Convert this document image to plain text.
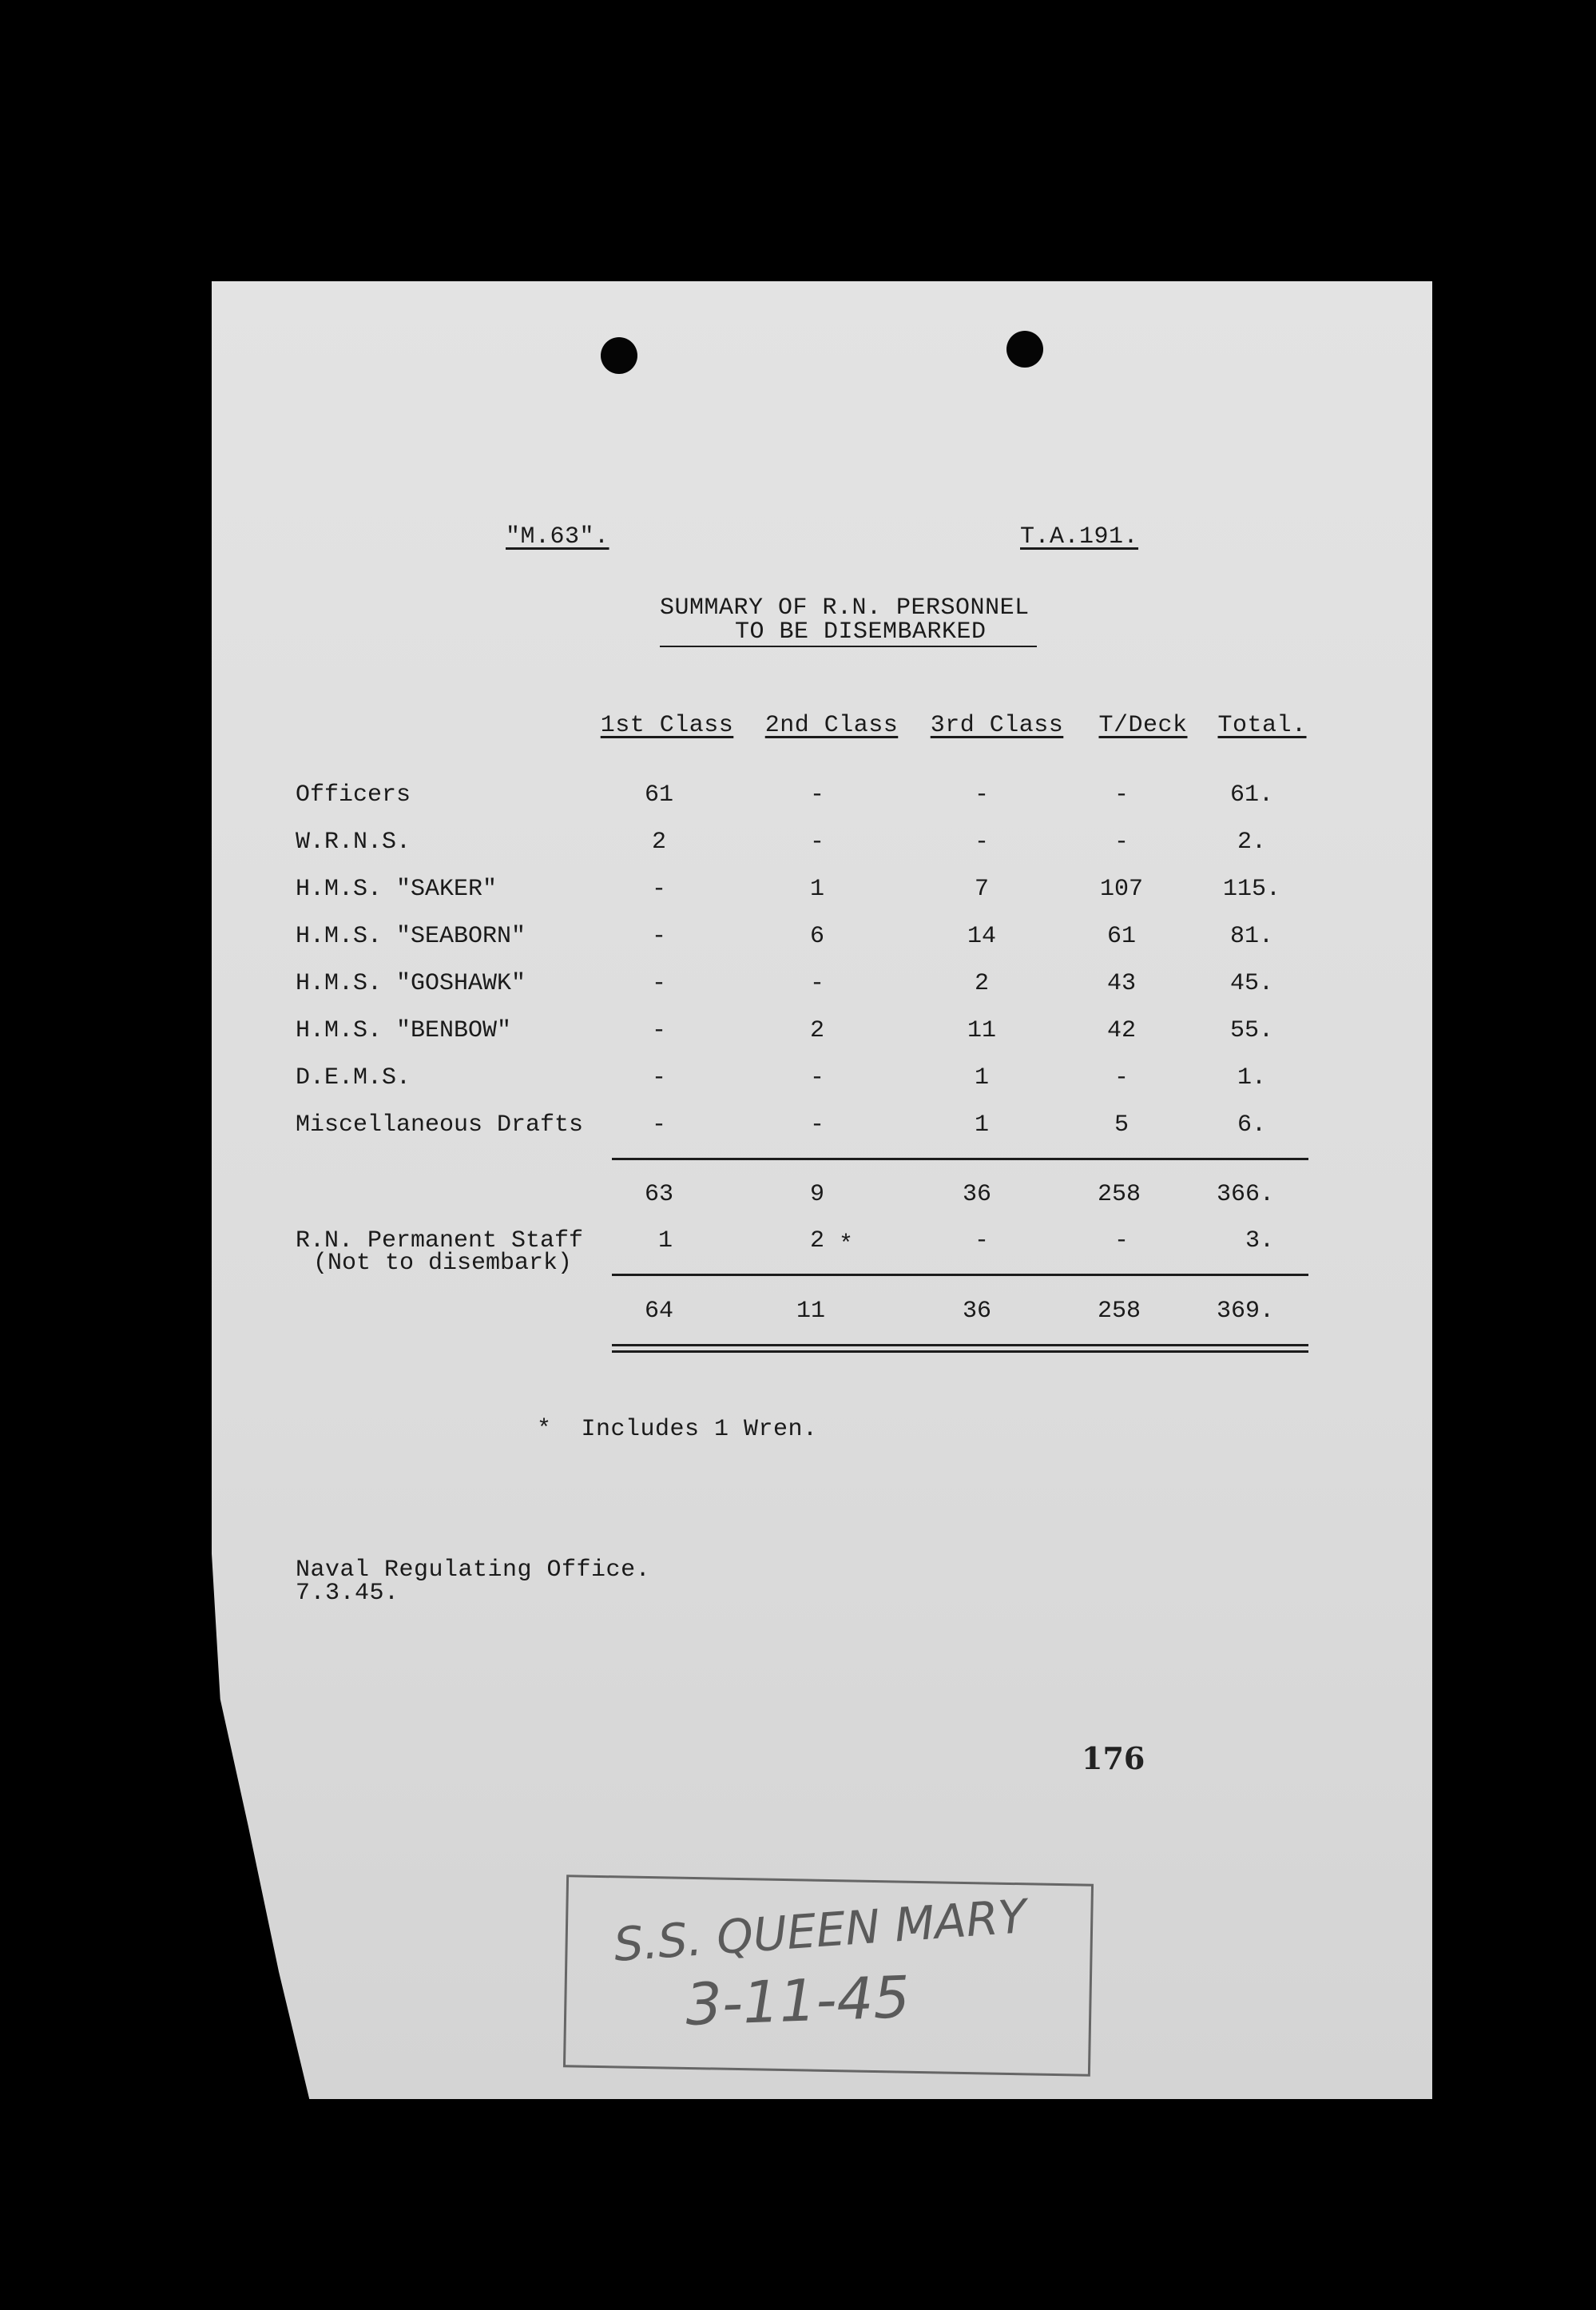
"M.63".	T.A.191.
SUMMARY OF R.N. PERSONNEL
TO BE DISEMBARKED
1st Class	2nd Class	3rd Class	T/Deck	Total.
Officers	61	-	-	-	61.
W.R.N.S.	2	-	-	-	2.
H.M.S. "SAKER"	-	1	7	107	115.
H.M.S. "SEABORN"	-	6	14	61	81.
H.M.S. "GOSHAWK"	-	-	2	43	45.
H.M.S. "BENBOW"	-	2	11	42	55.
D.E.M.S.	-	-	1	-	1.
Miscellaneous Drafts	-	-	1	5	6.
63	9	36	258	366.
R.N. Permanent Staff
(Not to disembark)
1	2 *	-	-	3.
64	11	36	258	369.
*  Includes 1 Wren.
Naval Regulating Office.
7.3.45.
176
S.S. QUEEN MARY
3-11-45
